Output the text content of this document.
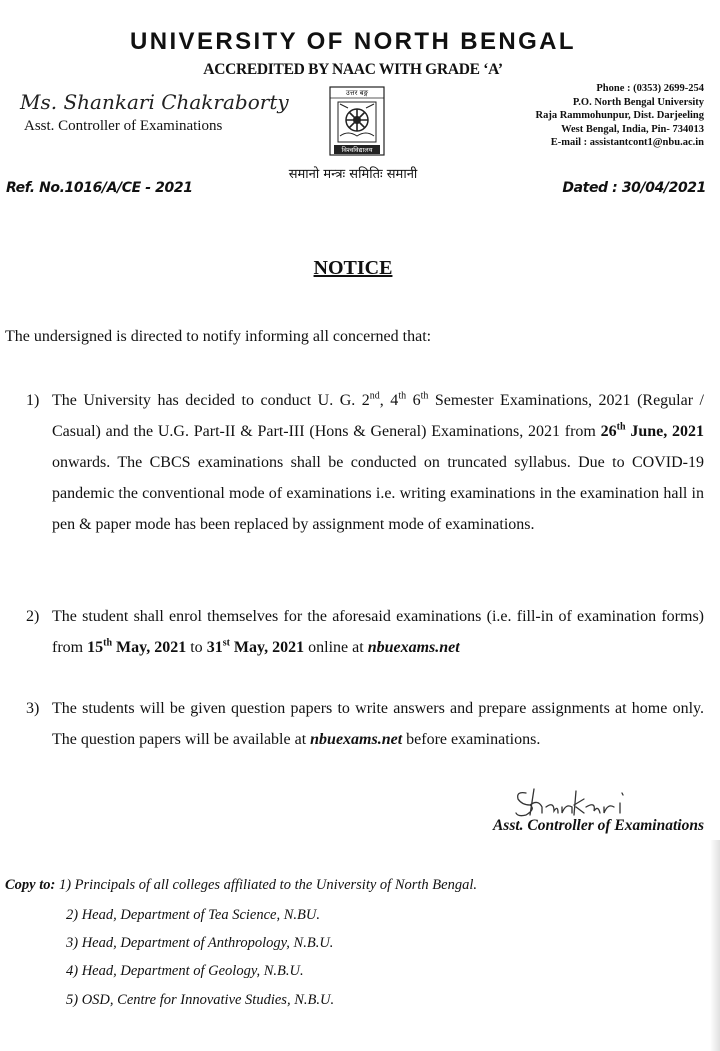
UNIVERSITY OF NORTH BENGAL
ACCREDITED BY NAAC WITH GRADE ‘A’
Ms. Shankari Chakraborty
Asst. Controller of Examinations
Phone : (0353) 2699-254
P.O. North Bengal University
Raja Rammohunpur, Dist. Darjeeling
West Bengal, India, Pin- 734013
E-mail : assistantcont1@nbu.ac.in
उत्तर बङ्ग
विश्वविद्यालय
समानो मन्त्रः समितिः समानी
Ref. No.1016/A/CE - 2021	Dated : 30/04/2021
NOTICE
The undersigned is directed to notify informing all concerned that:
1) The University has decided to conduct U. G. 2nd, 4th 6th Semester Examinations, 2021 (Regular / Casual) and the U.G. Part-II & Part-III (Hons & General) Examinations, 2021 from 26th June, 2021 onwards. The CBCS examinations shall be conducted on truncated syllabus. Due to COVID-19 pandemic the conventional mode of examinations i.e. writing examinations in the examination hall in pen & paper mode has been replaced by assignment mode of examinations.
2) The student shall enrol themselves for the aforesaid examinations (i.e. fill-in of examination forms) from 15th May, 2021 to 31st May, 2021 online at nbuexams.net
3) The students will be given question papers to write answers and prepare assignments at home only. The question papers will be available at nbuexams.net before examinations.
Asst. Controller of Examinations
Copy to: 1) Principals of all colleges affiliated to the University of North Bengal.
2) Head, Department of Tea Science, N.BU.
3) Head, Department of Anthropology, N.B.U.
4) Head, Department of Geology, N.B.U.
5) OSD, Centre for Innovative Studies, N.B.U.
